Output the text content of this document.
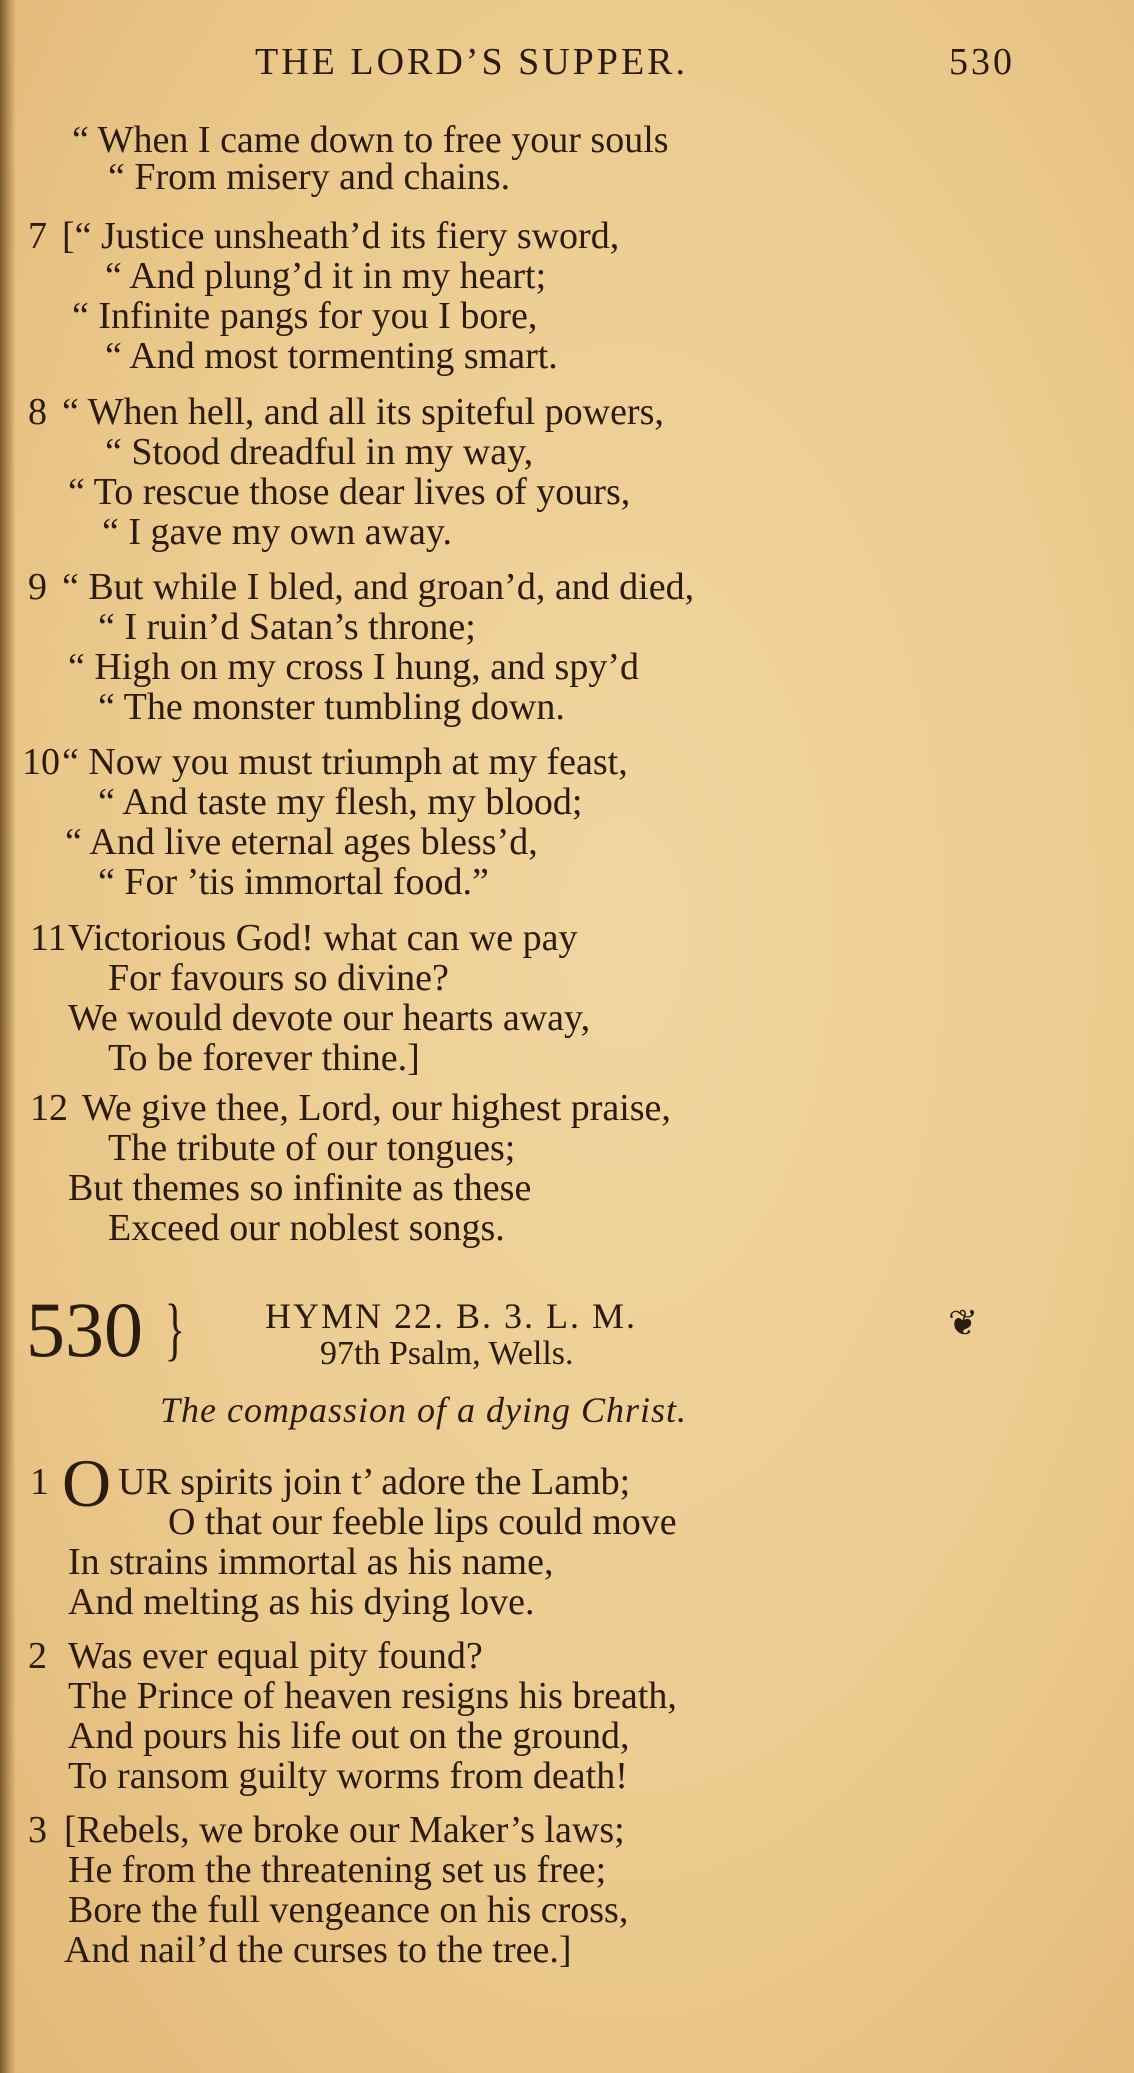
THE LORD’S SUPPER.	530
“ When I came down to free your souls
“ From misery and chains.
7 [“ Justice unsheath’d its fiery sword,
“ And plung’d it in my heart;
“ Infinite pangs for you I bore,
“ And most tormenting smart.
8 “ When hell, and all its spiteful powers,
“ Stood dreadful in my way,
“ To rescue those dear lives of yours,
“ I gave my own away.
9 “ But while I bled, and groan’d, and died,
“ I ruin’d Satan’s throne;
“ High on my cross I hung, and spy’d
“ The monster tumbling down.
10 “ Now you must triumph at my feast,
“ And taste my flesh, my blood;
“ And live eternal ages bless’d,
“ For ’tis immortal food.”
11 Victorious God! what can we pay
For favours so divine?
We would devote our hearts away,
To be forever thine.]
12 We give thee, Lord, our highest praise,
The tribute of our tongues;
But themes so infinite as these
Exceed our noblest songs.
530 } HYMN 22. B. 3. L. M.
97th Psalm, Wells.
❦
The compassion of a dying Christ.
1 O UR spirits join t’ adore the Lamb;
O that our feeble lips could move
In strains immortal as his name,
And melting as his dying love.
2 Was ever equal pity found?
The Prince of heaven resigns his breath,
And pours his life out on the ground,
To ransom guilty worms from death!
3 [Rebels, we broke our Maker’s laws;
He from the threatening set us free;
Bore the full vengeance on his cross,
And nail’d the curses to the tree.]
